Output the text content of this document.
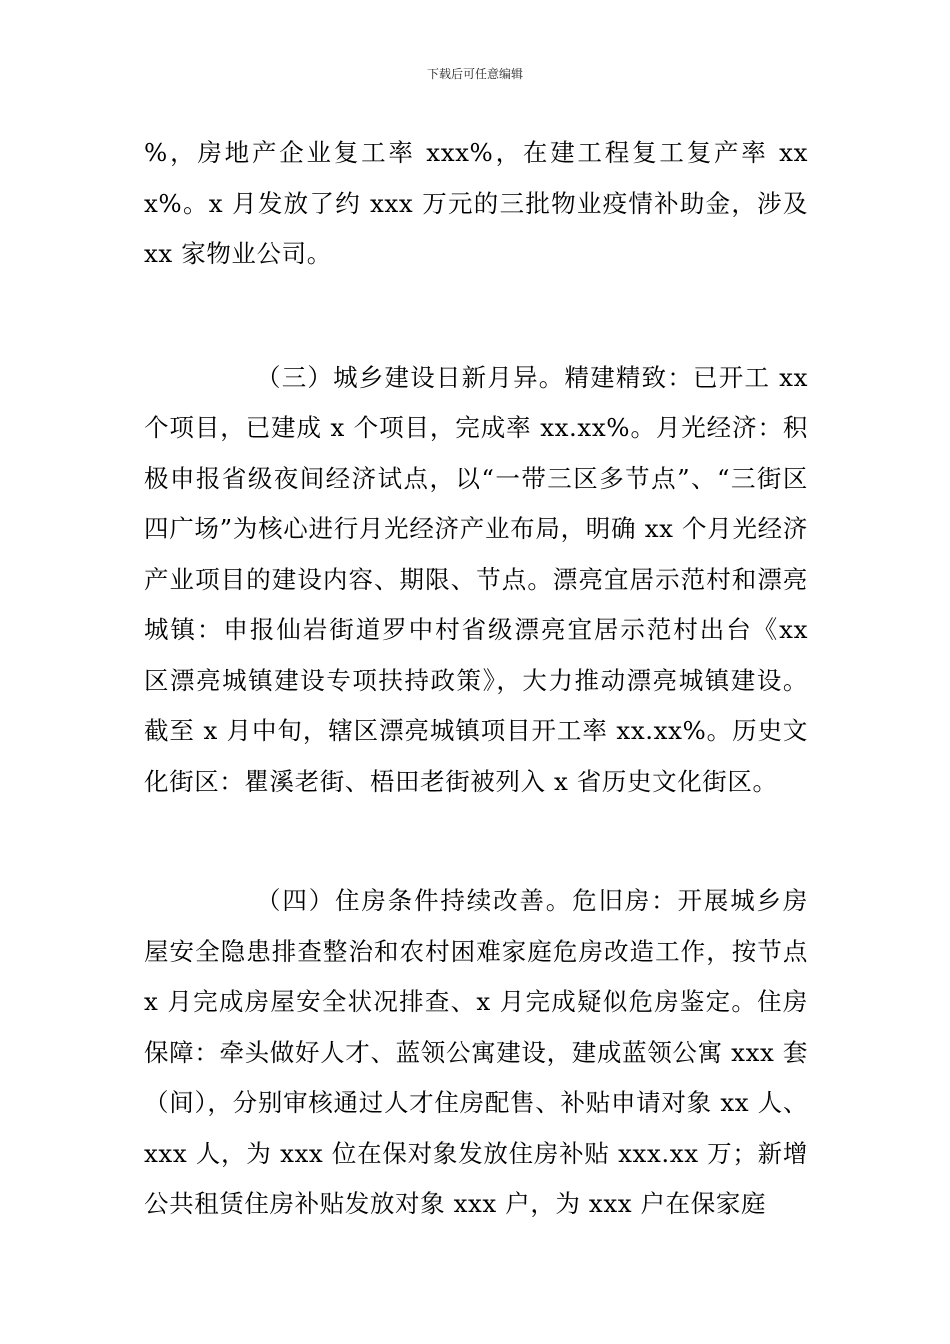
下载后可任意编辑

%，房地产企业复工率 xxx%，在建工程复工复产率 xxx%。x 月发放了约 xxx 万元的三批物业疫情补助金，涉及 xx 家物业公司。

（三）城乡建设日新月异。精建精致：已开工 xx 个项目，已建成 x 个项目，完成率 xx.xx%。月光经济：积极申报省级夜间经济试点，以“一带三区多节点”、“三街区四广场”为核心进行月光经济产业布局，明确 xx 个月光经济产业项目的建设内容、期限、节点。漂亮宜居示范村和漂亮城镇：申报仙岩街道罗中村省级漂亮宜居示范村出台《xx 区漂亮城镇建设专项扶持政策》，大力推动漂亮城镇建设。截至 x 月中旬，辖区漂亮城镇项目开工率 xx.xx%。历史文化街区：瞿溪老街、梧田老街被列入 x 省历史文化街区。

（四）住房条件持续改善。危旧房：开展城乡房屋安全隐患排查整治和农村困难家庭危房改造工作，按节点 x 月完成房屋安全状况排查、x 月完成疑似危房鉴定。住房保障：牵头做好人才、蓝领公寓建设，建成蓝领公寓 xxx 套（间），分别审核通过人才住房配售、补贴申请对象 xx 人、xxx 人，为 xxx 位在保对象发放住房补贴 xxx.xx 万；新增公共租赁住房补贴发放对象 xxx 户，为 xxx 户在保家庭
